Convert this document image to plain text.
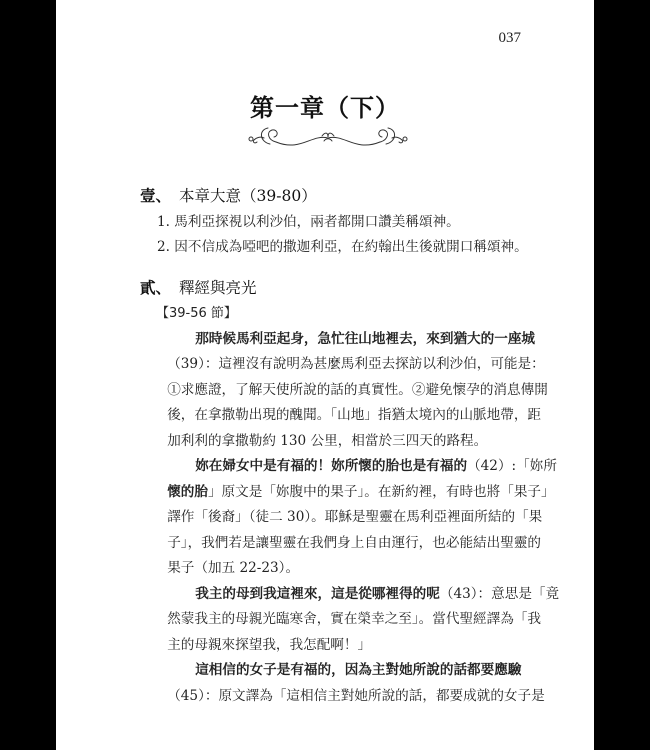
037
第一章（下）
壹、 本章大意（39-80）
1. 馬利亞探視以利沙伯，兩者都開口讚美稱頌神。
2. 因不信成為啞吧的撒迦利亞，在約翰出生後就開口稱頌神。
貳、 釋經與亮光
【39-56 節】
那時候馬利亞起身，急忙往山地裡去，來到猶大的一座城
（39）：這裡沒有說明為甚麼馬利亞去探訪以利沙伯，可能是：
①求應證，了解天使所說的話的真實性。②避免懷孕的消息傳開
後，在拿撒勒出現的醜聞。「山地」指猶太境內的山脈地帶，距
加利利的拿撒勒約 130 公里，相當於三四天的路程。
妳在婦女中是有福的！妳所懷的胎也是有福的（42）:「妳所
懷的胎」原文是「妳腹中的果子」。在新約裡，有時也將「果子」
譯作「後裔」（徒二 30）。耶穌是聖靈在馬利亞裡面所結的「果
子」，我們若是讓聖靈在我們身上自由運行，也必能結出聖靈的
果子（加五 22-23）。
我主的母到我這裡來，這是從哪裡得的呢（43）：意思是「竟
然蒙我主的母親光臨寒舍，實在榮幸之至」。當代聖經譯為「我
主的母親來探望我，我怎配啊！」
這相信的女子是有福的，因為主對她所說的話都要應驗
（45）：原文譯為「這相信主對她所說的話，都要成就的女子是
